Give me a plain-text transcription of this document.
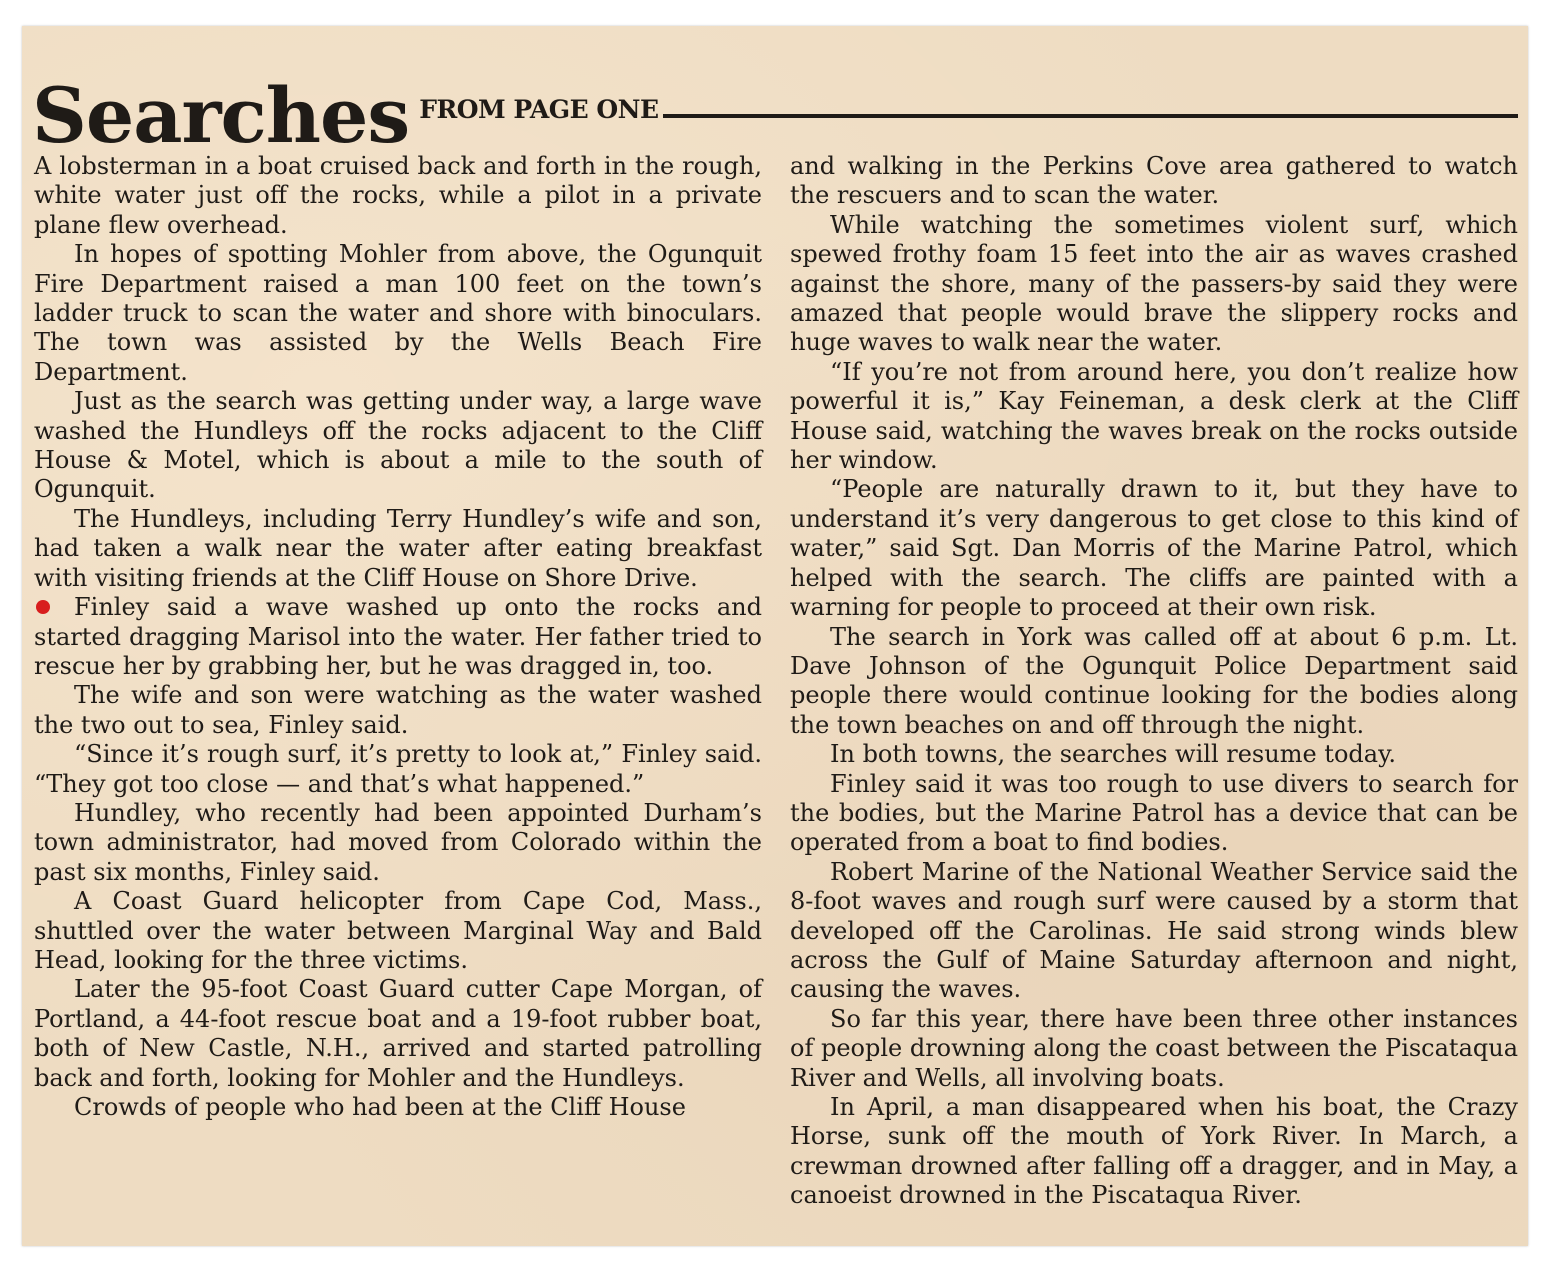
Searches FROM PAGE ONE

A lobsterman in a boat cruised back and forth in the rough, white water just off the rocks, while a pilot in a private plane flew overhead.

In hopes of spotting Mohler from above, the Ogunquit Fire Department raised a man 100 feet on the town’s ladder truck to scan the water and shore with binoculars. The town was assisted by the Wells Beach Fire Department.

Just as the search was getting under way, a large wave washed the Hundleys off the rocks adjacent to the Cliff House & Motel, which is about a mile to the south of Ogunquit.

The Hundleys, including Terry Hundley’s wife and son, had taken a walk near the water after eating breakfast with visiting friends at the Cliff House on Shore Drive.

Finley said a wave washed up onto the rocks and started dragging Marisol into the water. Her father tried to rescue her by grabbing her, but he was dragged in, too.

The wife and son were watching as the water washed the two out to sea, Finley said.

“Since it’s rough surf, it’s pretty to look at,” Finley said. “They got too close — and that’s what happened.”

Hundley, who recently had been appointed Durham’s town administrator, had moved from Colorado within the past six months, Finley said.

A Coast Guard helicopter from Cape Cod, Mass., shuttled over the water between Marginal Way and Bald Head, looking for the three victims.

Later the 95-foot Coast Guard cutter Cape Morgan, of Portland, a 44-foot rescue boat and a 19-foot rubber boat, both of New Castle, N.H., arrived and started patrolling back and forth, looking for Mohler and the Hundleys.

Crowds of people who had been at the Cliff House

and walking in the Perkins Cove area gathered to watch the rescuers and to scan the water.

While watching the sometimes violent surf, which spewed frothy foam 15 feet into the air as waves crashed against the shore, many of the passers-by said they were amazed that people would brave the slippery rocks and huge waves to walk near the water.

“If you’re not from around here, you don’t realize how powerful it is,” Kay Feineman, a desk clerk at the Cliff House said, watching the waves break on the rocks outside her window.

“People are naturally drawn to it, but they have to understand it’s very dangerous to get close to this kind of water,” said Sgt. Dan Morris of the Marine Patrol, which helped with the search. The cliffs are painted with a warning for people to proceed at their own risk.

The search in York was called off at about 6 p.m. Lt. Dave Johnson of the Ogunquit Police Department said people there would continue looking for the bodies along the town beaches on and off through the night.

In both towns, the searches will resume today.

Finley said it was too rough to use divers to search for the bodies, but the Marine Patrol has a device that can be operated from a boat to find bodies.

Robert Marine of the National Weather Service said the 8-foot waves and rough surf were caused by a storm that developed off the Carolinas. He said strong winds blew across the Gulf of Maine Saturday afternoon and night, causing the waves.

So far this year, there have been three other instances of people drowning along the coast between the Piscataqua River and Wells, all involving boats.

In April, a man disappeared when his boat, the Crazy Horse, sunk off the mouth of York River. In March, a crewman drowned after falling off a dragger, and in May, a canoeist drowned in the Piscataqua River.
